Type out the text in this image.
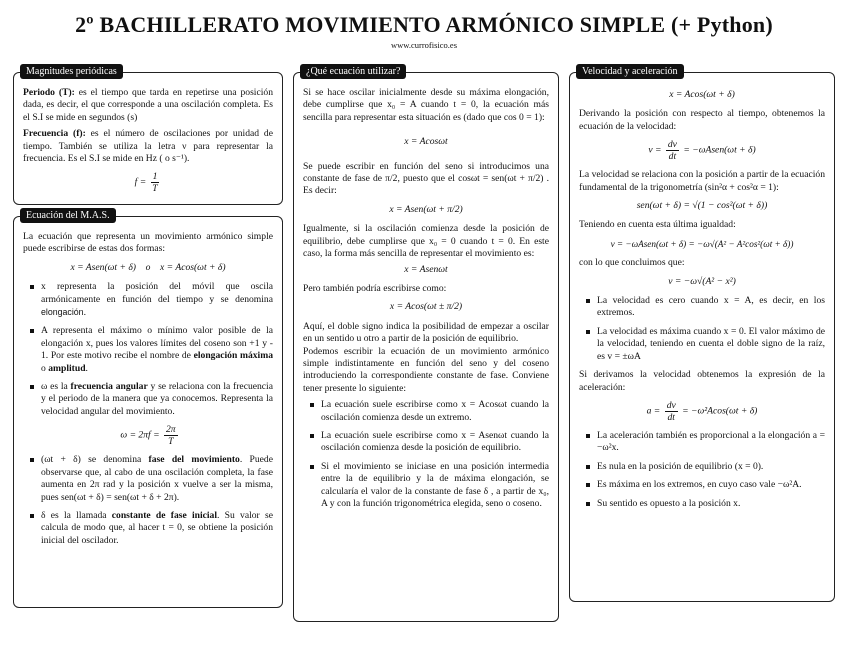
2º BACHILLERATO MOVIMIENTO ARMÓNICO SIMPLE (+ Python)
www.currofisico.es
Magnitudes periódicas

Periodo (T): es el tiempo que tarda en repetirse una posición dada, es decir, el que corresponde a una oscilación completa. Es el S.I se mide en segundos (s)

Frecuencia (f): es el número de oscilaciones por unidad de tiempo. También se utiliza la letra ν para representar la frecuencia. Es el S.I se mide en Hz ( o s⁻¹).

$f = \frac{1}{T}$
Ecuación del M.A.S.

La ecuación que representa un movimiento armónico simple puede escribirse de estas dos formas:

x = Asen(ωt + δ)    o    x = Acos(ωt + δ)
x representa la posición del móvil que oscila armónicamente en función del tiempo y se denomina elongación.
A representa el máximo o mínimo valor posible de la elongación x, pues los valores límites del coseno son +1 y - 1. Por este motivo recibe el nombre de elongación máxima o amplitud.
ω es la frecuencia angular y se relaciona con la frecuencia y el periodo de la manera que ya conocemos. Representa la velocidad angular del movimiento.
$\omega = 2\pi f = \frac{2\pi}{T}$
(ωt + δ) se denomina fase del movimiento. Puede observarse que, al cabo de una oscilación completa, la fase aumenta en 2π rad y la posición x vuelve a ser la misma, pues sen(ωt + δ) = sen(ωt + δ + 2π).
δ es la llamada constante de fase inicial. Su valor se calcula de modo que, al hacer t = 0, se obtiene la posición inicial del oscilador.
¿Qué ecuación utilizar?

Si se hace oscilar inicialmente desde su máxima elongación, debe cumplirse que x₀ = A cuando t = 0, la ecuación más sencilla para representar esta situación es (dado que cos 0 = 1):

x = Acosωt

Se puede escribir en función del seno si introducimos una constante de fase de π/2, puesto que el cosωt = sen(ωt + π/2) . Es decir:

x = Asen(ωt + π/2)

Igualmente, si la oscilación comienza desde la posición de equilibrio, debe cumplirse que x₀ = 0 cuando t = 0. En este caso, la forma más sencilla de representar el movimiento es:

x = Asenωt

Pero también podría escribirse como:

x = Acos(ωt ± π/2)

Aquí, el doble signo indica la posibilidad de empezar a oscilar en un sentido u otro a partir de la posición de equilibrio.

Podemos escribir la ecuación de un movimiento armónico simple indistintamente en función del seno y del coseno introduciendo la correspondiente constante de fase. Conviene tener presente lo siguiente:

La ecuación suele escribirse como x = Acosωt cuando la oscilación comienza desde un extremo.
La ecuación suele escribirse como x = Asenωt cuando la oscilación comienza desde la posición de equilibrio.
Si el movimiento se iniciase en una posición intermedia entre la de equilibrio y la de máxima elongación, se calcularía el valor de la constante de fase δ , a partir de x₀, A y con la función trigonométrica elegida, seno o coseno.
Velocidad y aceleración
x = Acos(ωt + δ)

Derivando la posición con respecto al tiempo, obtenemos la ecuación de la velocidad:

$v = \frac{dv}{dt}$ = −ωAsen(ωt + δ)

La velocidad se relaciona con la posición a partir de la ecuación fundamental de la trigonometría (sin²α + cos²α = 1):

sen(ωt + δ) = √(1 − cos²(ωt + δ))

Teniendo en cuenta esta última igualdad:

v = −ωAsen(ωt + δ) = −ω√(A² − A²cos²(ωt + δ))

con lo que concluimos que:

v = −ω√(A² − x²)
La velocidad es cero cuando x = A, es decir, en los extremos.
La velocidad es máxima cuando x = 0. El valor máximo de la velocidad, teniendo en cuenta el doble signo de la raíz, es v = ±ωA

Si derivamos la velocidad obtenemos la expresión de la aceleración:

$a = \frac{dv}{dt} = -\omega^2Acos(\omega t + \delta)$
La aceleración también es proporcional a la elongación a = −ω²x.
Es nula en la posición de equilibrio (x = 0).
Es máxima en los extremos, en cuyo caso vale −ω²A.
Su sentido es opuesto a la posición x.
